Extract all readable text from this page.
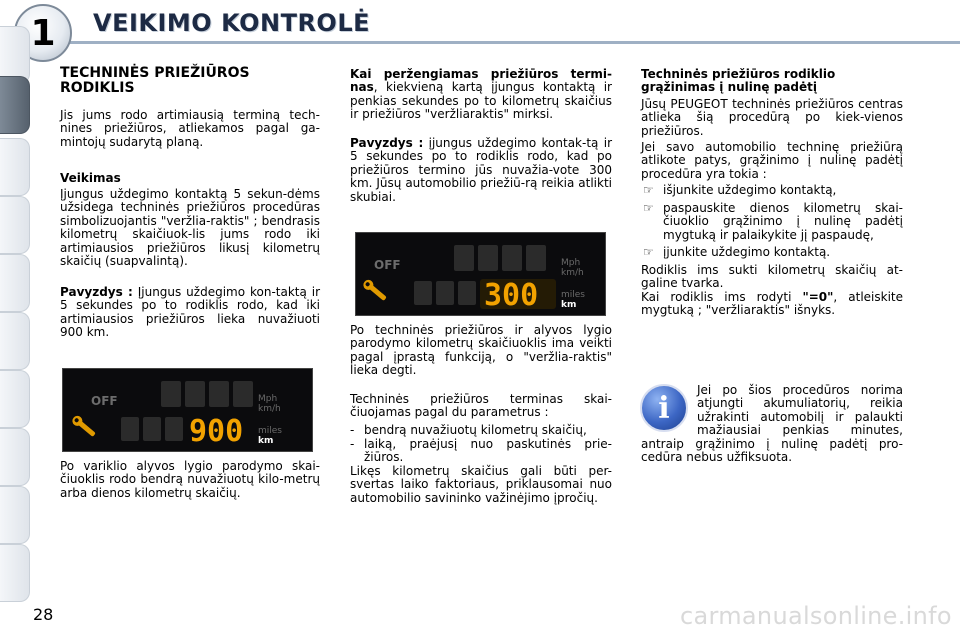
1	VEIKIMO KONTROLĖ
TECHNINĖS PRIEŽIŪROS RODIKLIS
Jis jums rodo artimiausią terminą tech-nines priežiūros, atliekamos pagal ga-mintojų sudarytą planą.
Veikimas
Įjungus uždegimo kontaktą 5 sekun-dėms užsidega techninės priežiūros procedūras simbolizuojantis "veržlia-raktis" ; bendrasis kilometrų skaičiuok-lis jums rodo iki artimiausios priežiūros likusį kilometrų skaičių (suapvalintą).
Pavyzdys : Įjungus uždegimo kon-taktą ir 5 sekundes po to rodiklis rodo, kad iki artimiausios priežiūros lieka nuvažiuoti 900 km.
OFF	Mph
km/h
miles
km
900
Po variklio alyvos lygio parodymo skai-čiuoklis rodo bendrą nuvažiuotų kilo-metrų arba dienos kilometrų skaičių.
Kai peržengiamas priežiūros termi-nas, kiekvieną kartą įjungus kontaktą ir penkias sekundes po to kilometrų skaičius ir priežiūros "veržliaraktis" mirksi.
Pavyzdys : įjungus uždegimo kontak-tą ir 5 sekundes po to rodiklis rodo, kad po priežiūros termino jūs nuvažia-vote 300 km. Jūsų automobilio priežiū-rą reikia atlikti skubiai.
OFF	Mph
km/h
miles
km
300
Po techninės priežiūros ir alyvos lygio parodymo kilometrų skaičiuoklis ima veikti pagal įprastą funkciją, o "veržlia-raktis" lieka degti.
Techninės priežiūros terminas skai-čiuojamas pagal du parametrus :
- bendrą nuvažiuotų kilometrų skaičių,
- laiką, praėjusį nuo paskutinės prie-žiūros.
Likęs kilometrų skaičius gali būti per-svertas laiko faktoriaus, priklausomai nuo automobilio savininko važinėjimo įpročių.
Techninės priežiūros rodiklio grąžinimas į nulinę padėtį
Jūsų PEUGEOT techninės priežiūros centras atlieka šią procedūrą po kiek-vienos priežiūros.
Jei savo automobilio techninę priežiūrą atlikote patys, grąžinimo į nulinę padėtį procedūra yra tokia :
☞ išjunkite uždegimo kontaktą,
☞ paspauskite dienos kilometrų skai-čiuoklio grąžinimo į nulinę padėtį mygtuką ir palaikykite jį paspaudę,
☞ įjunkite uždegimo kontaktą.
Rodiklis ims sukti kilometrų skaičių at-galine tvarka.
Kai rodiklis ims rodyti "=0", atleiskite mygtuką ; "veržliaraktis" išnyks.
i
Jei po šios procedūros norima atjungti akumuliatorių, reikia užrakinti automobilį ir palaukti mažiausiai penkias minutes, antraip grąžinimo į nulinę padėtį pro-cedūra nebus užfiksuota.
28	carmanualsonline.info
